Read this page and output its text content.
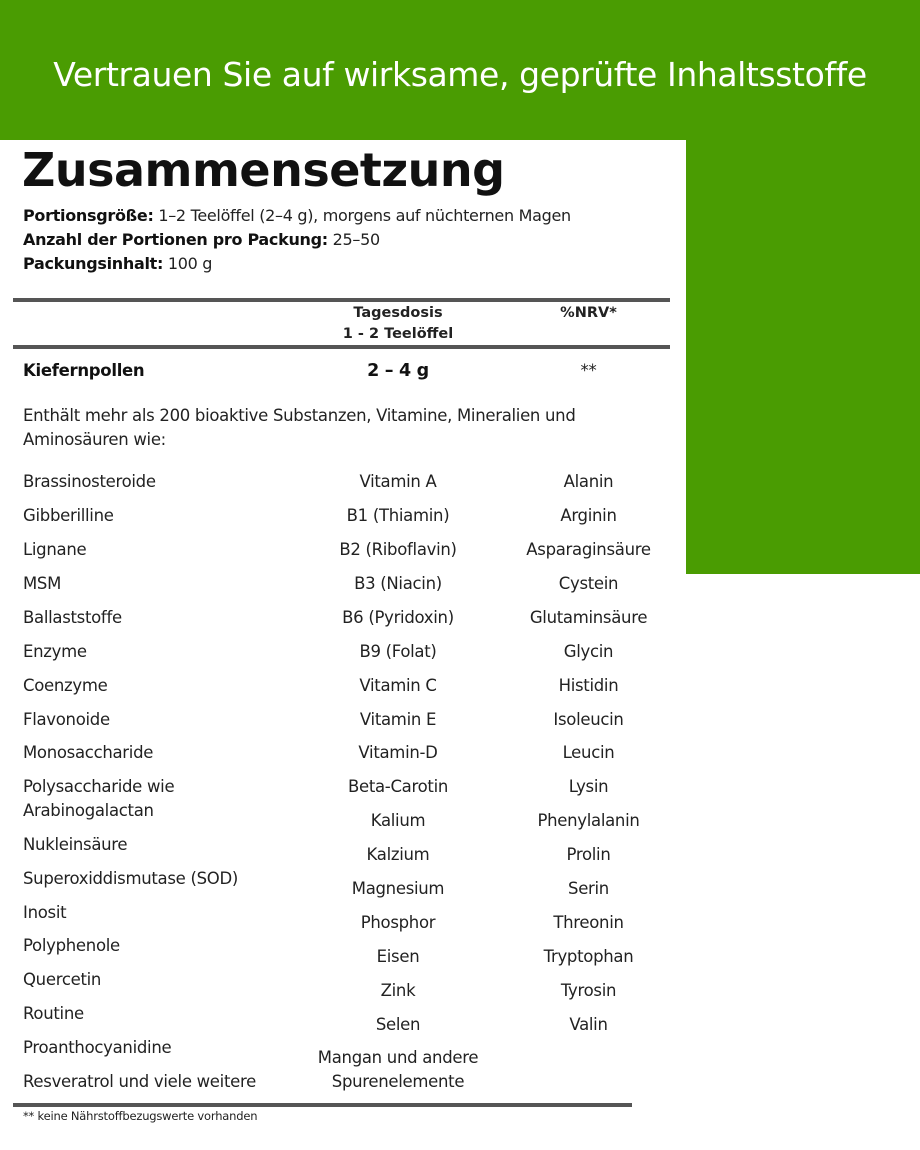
Vertrauen Sie auf wirksame, geprüfte Inhaltsstoffe
Zusammensetzung
Portionsgröße: 1–2 Teelöffel (2–4 g), morgens auf nüchternen Magen
Anzahl der Portionen pro Packung: 25–50
Packungsinhalt: 100 g
Tagesdosis
1 - 2 Teelöffel
%NRV*
Kiefernpollen	2 – 4 g	**
Enthält mehr als 200 bioaktive Substanzen, Vitamine, Mineralien und Aminosäuren wie:
Brassinosteroide
Gibberilline
Lignane
MSM
Ballaststoffe
Enzyme
Coenzyme
Flavonoide
Monosaccharide
Polysaccharide wie
Arabinogalactan
Nukleinsäure
Superoxiddismutase (SOD)
Inosit
Polyphenole
Quercetin
Routine
Proanthocyanidine
Resveratrol und viele weitere
Vitamin A
B1 (Thiamin)
B2 (Riboflavin)
B3 (Niacin)
B6 (Pyridoxin)
B9 (Folat)
Vitamin C
Vitamin E
Vitamin-D
Beta-Carotin
Kalium
Kalzium
Magnesium
Phosphor
Eisen
Zink
Selen
Mangan und andere
Spurenelemente
Alanin
Arginin
Asparaginsäure
Cystein
Glutaminsäure
Glycin
Histidin
Isoleucin
Leucin
Lysin
Phenylalanin
Prolin
Serin
Threonin
Tryptophan
Tyrosin
Valin
** keine Nährstoffbezugswerte vorhanden
